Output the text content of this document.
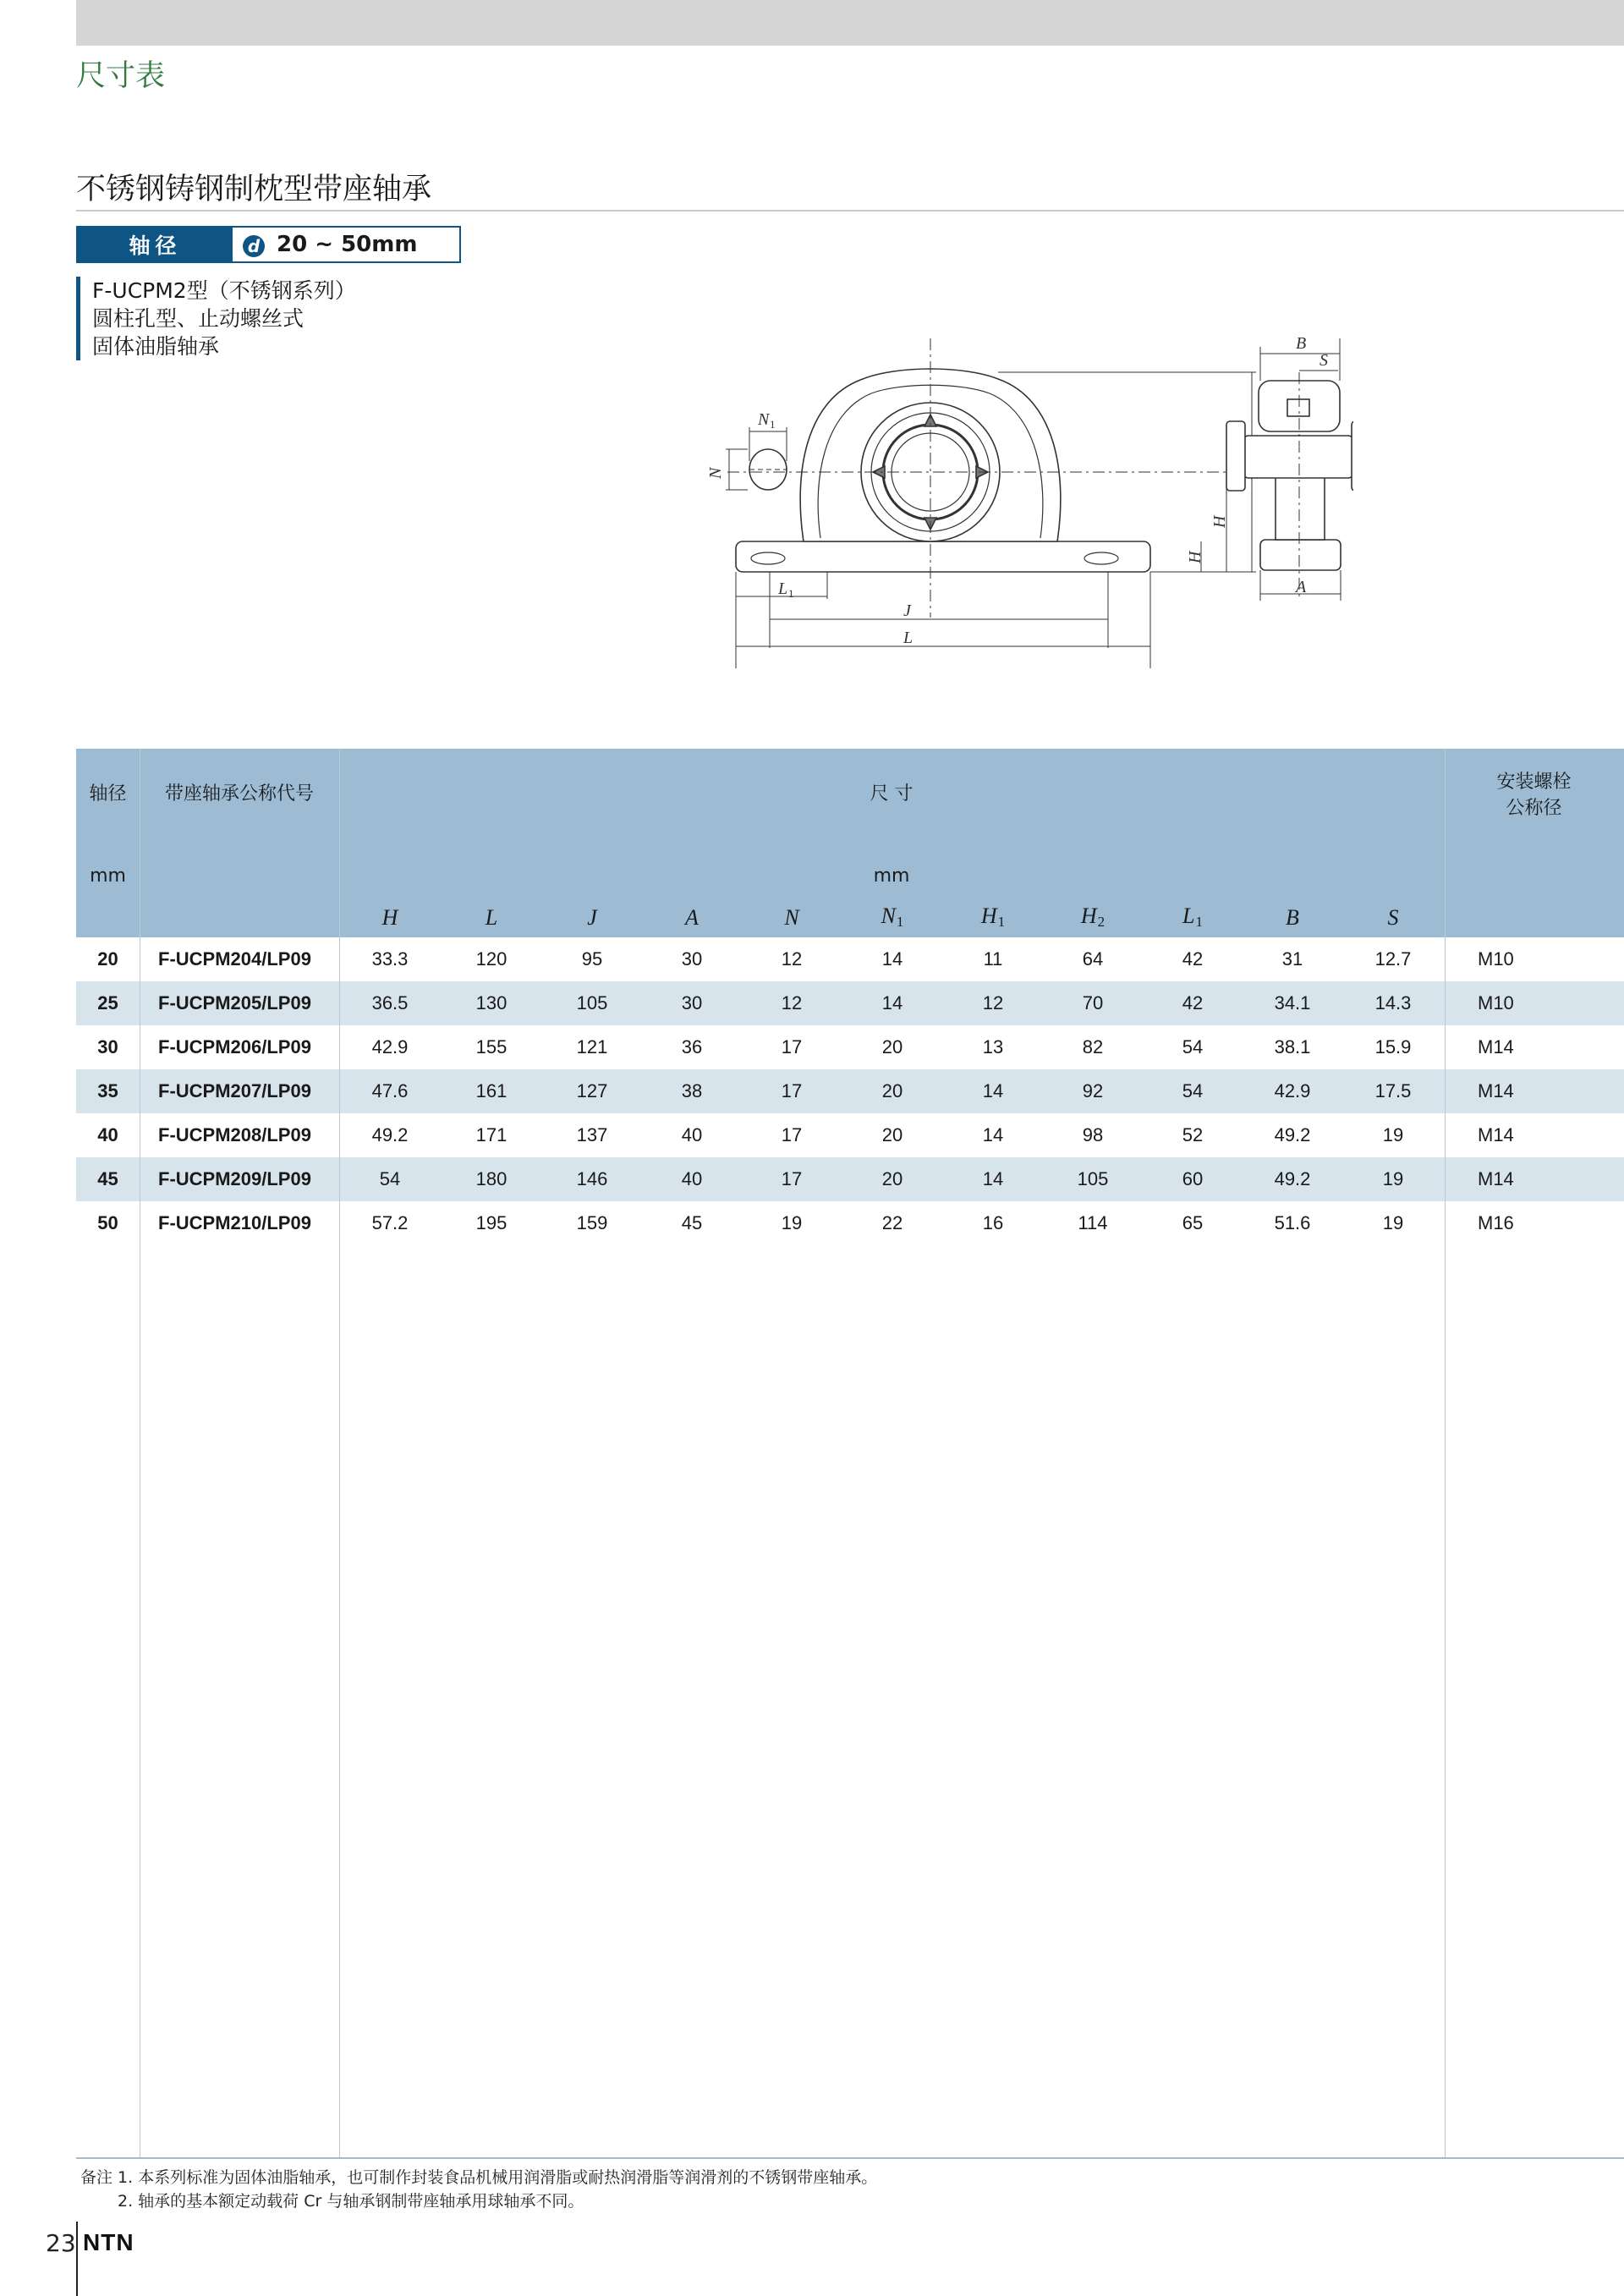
尺寸表
不锈钢铸钢制枕型带座轴承
轴径	d 20 ~ 50mm
F-UCPM2型（不锈钢系列）
圆柱孔型、止动螺丝式
固体油脂轴承
L 1
J
L
N 1
N
H
H
B
S
A
轴径	带座轴承公称代号	尺 寸											安装螺栓
公称径

mm		mm											
		H	L	J	A	N	$N_1$	$H_1$	$H_2$	$L_1$	B	S	
20	F-UCPM204/LP09	33.3	120	95	30	12	14	11	64	42	31	12.7	M10
25	F-UCPM205/LP09	36.5	130	105	30	12	14	12	70	42	34.1	14.3	M10
30	F-UCPM206/LP09	42.9	155	121	36	17	20	13	82	54	38.1	15.9	M14
35	F-UCPM207/LP09	47.6	161	127	38	17	20	14	92	54	42.9	17.5	M14
40	F-UCPM208/LP09	49.2	171	137	40	17	20	14	98	52	49.2	19	M14
45	F-UCPM209/LP09	54	180	146	40	17	20	14	105	60	49.2	19	M14
50	F-UCPM210/LP09	57.2	195	159	45	19	22	16	114	65	51.6	19	M16
备注 1. 本系列标准为固体油脂轴承，也可制作封装食品机械用润滑脂或耐热润滑脂等润滑剂的不锈钢带座轴承。
2. 轴承的基本额定动载荷 Cr 与轴承钢制带座轴承用球轴承不同。
23 NTN
